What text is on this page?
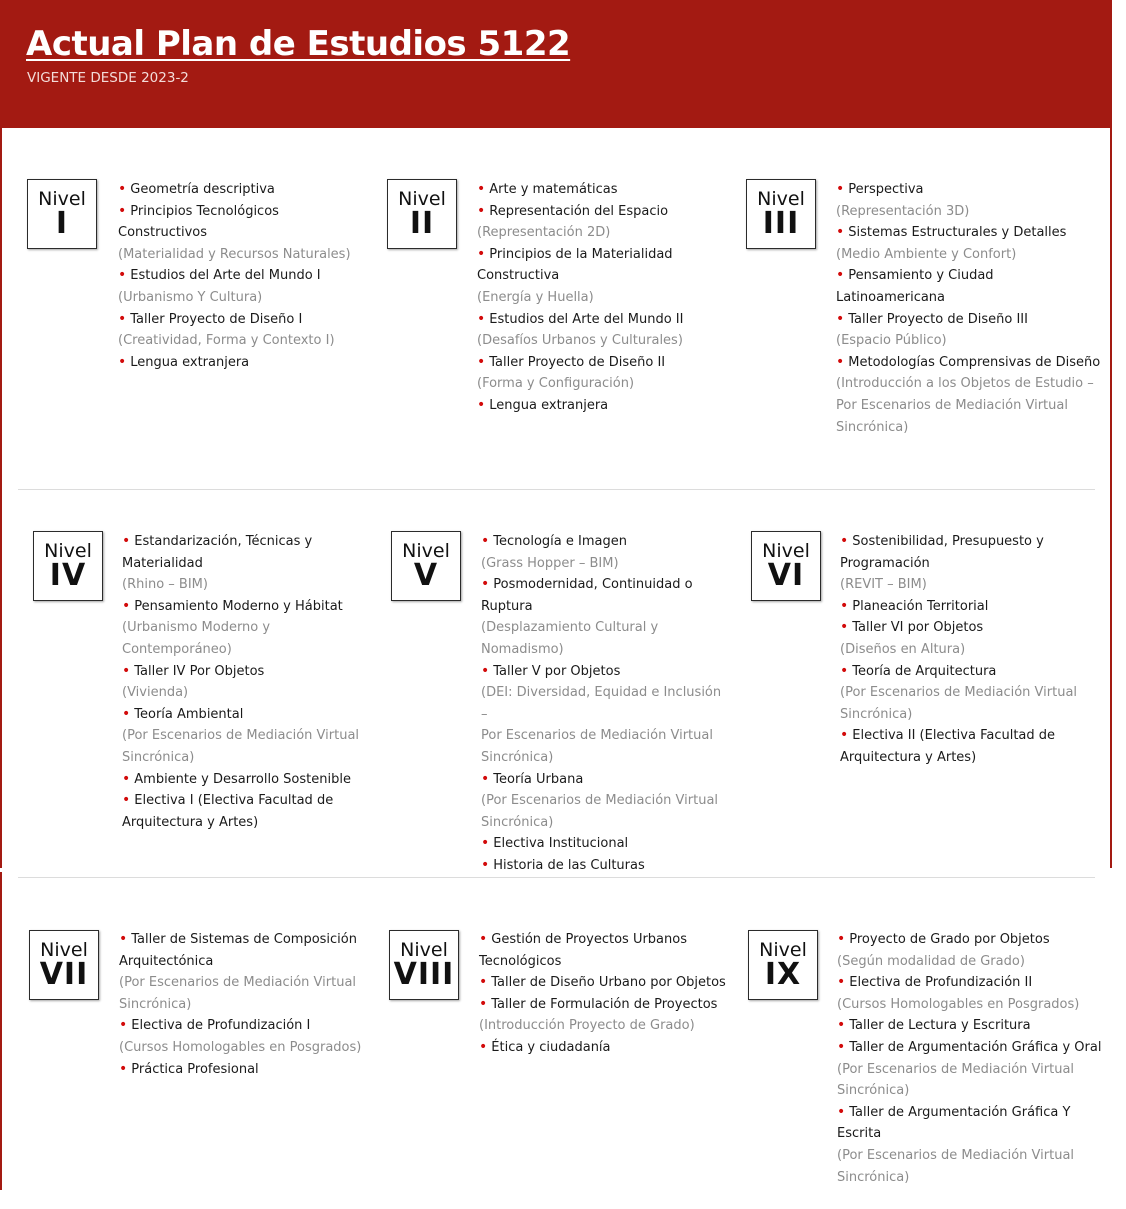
Actual Plan de Estudios 5122
VIGENTE DESDE 2023-2
Nivel
I
• Geometría descriptiva
• Principios Tecnológicos Constructivos
(Materialidad y Recursos Naturales)
• Estudios del Arte del Mundo I
(Urbanismo Y Cultura)
• Taller Proyecto de Diseño I
(Creatividad, Forma y Contexto I)
• Lengua extranjera
Nivel
II
• Arte y matemáticas
• Representación del Espacio
(Representación 2D)
• Principios de la Materialidad
Constructiva
(Energía y Huella)
• Estudios del Arte del Mundo II
(Desafíos Urbanos y Culturales)
• Taller Proyecto de Diseño II
(Forma y Configuración)
• Lengua extranjera
Nivel
III
• Perspectiva
(Representación 3D)
• Sistemas Estructurales y Detalles
(Medio Ambiente y Confort)
• Pensamiento y Ciudad
Latinoamericana
• Taller Proyecto de Diseño III
(Espacio Público)
• Metodologías Comprensivas de Diseño
(Introducción a los Objetos de Estudio –
Por Escenarios de Mediación Virtual
Sincrónica)
Nivel
IV
• Estandarización, Técnicas y
Materialidad
(Rhino – BIM)
• Pensamiento Moderno y Hábitat
(Urbanismo Moderno y
Contemporáneo)
• Taller IV Por Objetos
(Vivienda)
• Teoría Ambiental
(Por Escenarios de Mediación Virtual
Sincrónica)
• Ambiente y Desarrollo Sostenible
• Electiva I (Electiva Facultad de
Arquitectura y Artes)
Nivel
V
• Tecnología e Imagen
(Grass Hopper – BIM)
• Posmodernidad, Continuidad o
Ruptura
(Desplazamiento Cultural y
Nomadismo)
• Taller V por Objetos
(DEI: Diversidad, Equidad e Inclusión –
Por Escenarios de Mediación Virtual
Sincrónica)
• Teoría Urbana
(Por Escenarios de Mediación Virtual
Sincrónica)
• Electiva Institucional
• Historia de las Culturas
Nivel
VI
• Sostenibilidad, Presupuesto y
Programación
(REVIT – BIM)
• Planeación Territorial
• Taller VI por Objetos
(Diseños en Altura)
• Teoría de Arquitectura
(Por Escenarios de Mediación Virtual
Sincrónica)
• Electiva II (Electiva Facultad de
Arquitectura y Artes)
Nivel
VII
• Taller de Sistemas de Composición
Arquitectónica
(Por Escenarios de Mediación Virtual
Sincrónica)
• Electiva de Profundización I
(Cursos Homologables en Posgrados)
• Práctica Profesional
Nivel
VIII
• Gestión de Proyectos Urbanos
Tecnológicos
• Taller de Diseño Urbano por Objetos
• Taller de Formulación de Proyectos
(Introducción Proyecto de Grado)
• Ética y ciudadanía
Nivel
IX
• Proyecto de Grado por Objetos
(Según modalidad de Grado)
• Electiva de Profundización II
(Cursos Homologables en Posgrados)
• Taller de Lectura y Escritura
• Taller de Argumentación Gráfica y Oral
(Por Escenarios de Mediación Virtual
Sincrónica)
• Taller de Argumentación Gráfica Y
Escrita
(Por Escenarios de Mediación Virtual
Sincrónica)
